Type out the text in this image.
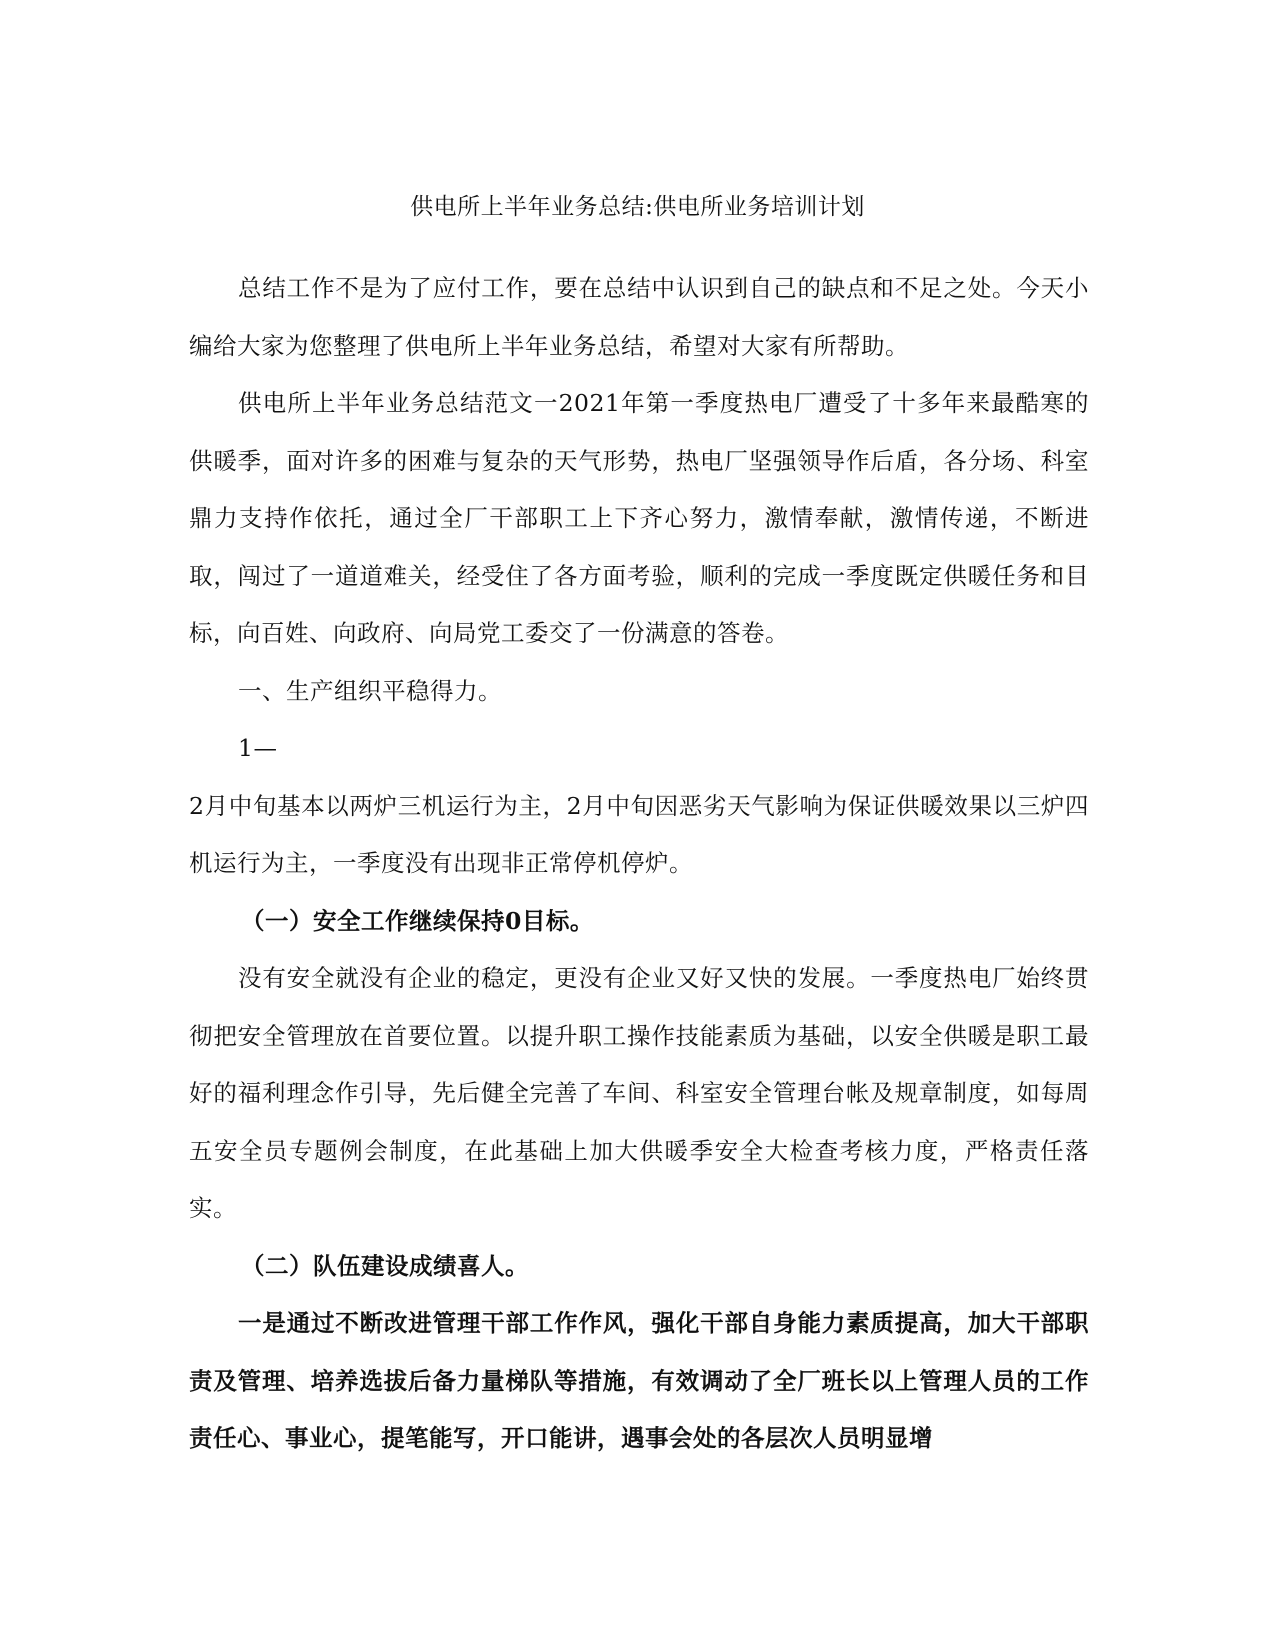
供电所上半年业务总结:供电所业务培训计划

总结工作不是为了应付工作，要在总结中认识到自己的缺点和不足之处。今天小编给大家为您整理了供电所上半年业务总结，希望对大家有所帮助。

供电所上半年业务总结范文一2021年第一季度热电厂遭受了十多年来最酷寒的供暖季，面对许多的困难与复杂的天气形势，热电厂坚强领导作后盾，各分场、科室鼎力支持作依托，通过全厂干部职工上下齐心努力，激情奉献，激情传递，不断进取，闯过了一道道难关，经受住了各方面考验，顺利的完成一季度既定供暖任务和目标，向百姓、向政府、向局党工委交了一份满意的答卷。

一、生产组织平稳得力。

1—

2月中旬基本以两炉三机运行为主，2月中旬因恶劣天气影响为保证供暖效果以三炉四机运行为主，一季度没有出现非正常停机停炉。

（一）安全工作继续保持0目标。

没有安全就没有企业的稳定，更没有企业又好又快的发展。一季度热电厂始终贯彻把安全管理放在首要位置。以提升职工操作技能素质为基础，以安全供暖是职工最好的福利理念作引导，先后健全完善了车间、科室安全管理台帐及规章制度，如每周五安全员专题例会制度，在此基础上加大供暖季安全大检查考核力度，严格责任落实。

（二）队伍建设成绩喜人。

一是通过不断改进管理干部工作作风，强化干部自身能力素质提高，加大干部职责及管理、培养选拔后备力量梯队等措施，有效调动了全厂班长以上管理人员的工作责任心、事业心，提笔能写，开口能讲，遇事会处的各层次人员明显增
